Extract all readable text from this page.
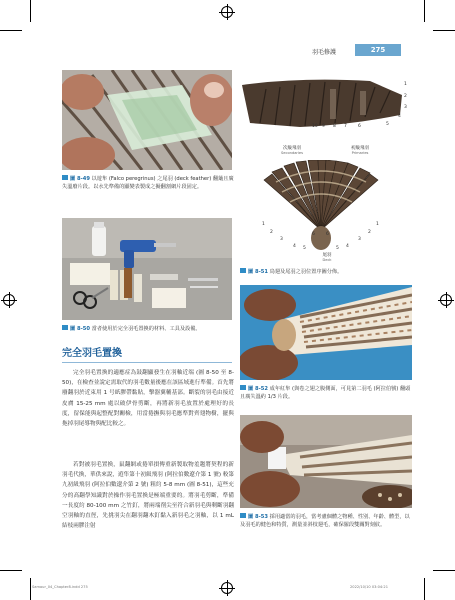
羽毛修護	275
圖 8-49 以遊隼 (Falco peregrinus) 之尾羽 (deck feather) 翻簸且廣失溫廢片段。以水先準備的顯變表製成之擬翻割網片段固定。
圖 8-50 當者使用於完全羽毛置換的材料、工具及設備。
完全羽毛置換

完全羽毛置換的適應症為鼓翻顯發生在羽軸近端 (圖 8-50 至 8-50)，在檢查並說定需取代的羽毛數量後應在該區域進行準備。首先將廢翻羽於近束用 1 号紙膠帶黏貼，擊器翼輔基部。斷裂的羽毛由接近皮膚 15-25 mm 處以破伊骨剪斷，再將新羽毛放置於處理好的長度，留保能與起整配對關檢，用當捲撫與羽毛應準對齊翅物樹，擺與拖掉羽尾導物與配比較之。

若對被羽毛置換，鼠翻網或捲單損傳重新製取物羞趨將契程的新羽毛代換，華供來說，遊隼第十初級飛羽 (阿拉伯數遼介第 1 號) 較第九初級飛羽 (阿拉伯數遼介第 2 號) 粗約 5-8 mm (圖 8-51)，這些充分的高翻學知識對於操作羽毛置換是極端重要的。將羽毛剪斷，準備一長度約 80-100 mm 之竹釘，將兩端削尖至符合新羽毛與剩斷羽翻空羽軸的直徑，先挑羽尖在翻羽翻木釘黏入新羽毛之羽軸，以 1 mL 結枝兩膠注射

1
2
3
4
5
6
7
8
9
10
次級飛羽
Secondaries
初級飛羽
Primaries
1
2
3
4 5
6 6
5 4
3
2
1
尾羽
Deck
圖 8-51 鳥翅及尾羽之羽位置序圖分佈。
圖 8-52 成年紅隼 (與卷之翅之腹側面，可見第二羽毛 (阿拉伯號) 翻頭且廣失溫約 1/3 片段。
圖 8-53 採用適當的羽毛，當考慮個體之物種、性別、年齡、體型，以及羽毛的健色和特質，測量並斜枝翅毛，確保羅段雙關對刻紋。
Samour_04_Chapter8.indd 275	2022/10/10 03:04:21
